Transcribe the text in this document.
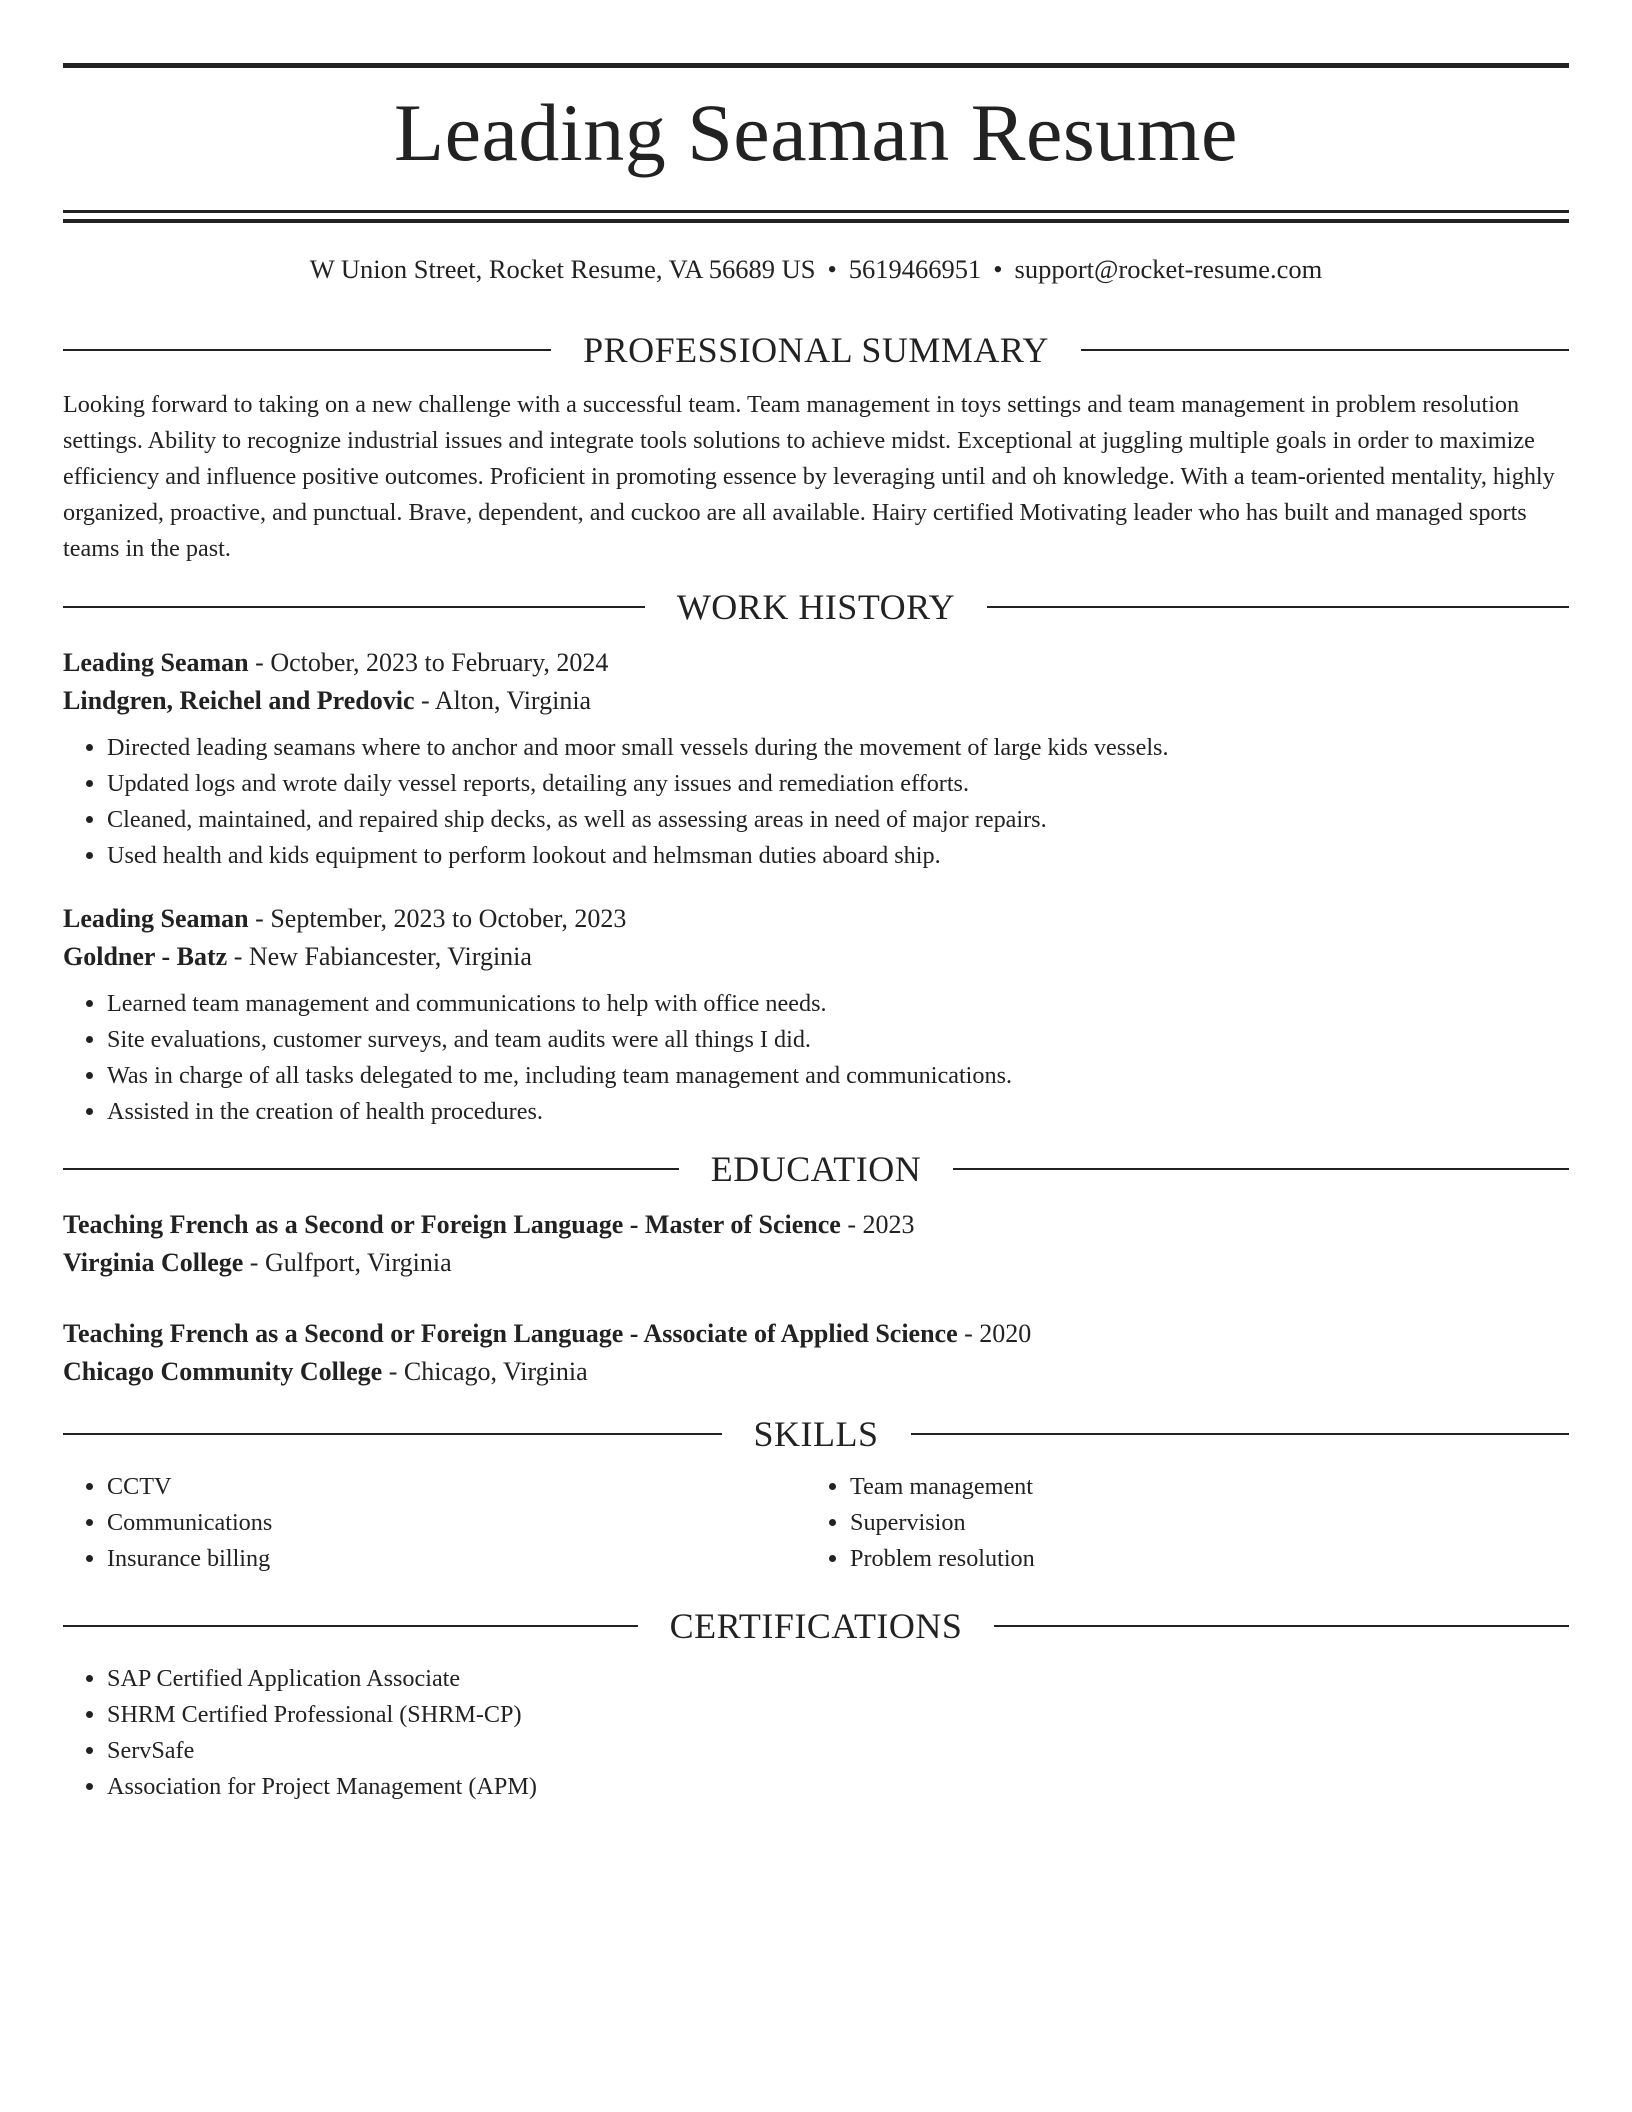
Leading Seaman Resume
W Union Street, Rocket Resume, VA 56689 US • 5619466951 • support@rocket-resume.com
PROFESSIONAL SUMMARY

Looking forward to taking on a new challenge with a successful team. Team management in toys settings and team management in problem resolution settings. Ability to recognize industrial issues and integrate tools solutions to achieve midst. Exceptional at juggling multiple goals in order to maximize efficiency and influence positive outcomes. Proficient in promoting essence by leveraging until and oh knowledge. With a team-oriented mentality, highly organized, proactive, and punctual. Brave, dependent, and cuckoo are all available. Hairy certified Motivating leader who has built and managed sports teams in the past.

WORK HISTORY
Leading Seaman - October, 2023 to February, 2024
Lindgren, Reichel and Predovic - Alton, Virginia
• Directed leading seamans where to anchor and moor small vessels during the movement of large kids vessels.
• Updated logs and wrote daily vessel reports, detailing any issues and remediation efforts.
• Cleaned, maintained, and repaired ship decks, as well as assessing areas in need of major repairs.
• Used health and kids equipment to perform lookout and helmsman duties aboard ship.
Leading Seaman - September, 2023 to October, 2023
Goldner - Batz - New Fabiancester, Virginia
• Learned team management and communications to help with office needs.
• Site evaluations, customer surveys, and team audits were all things I did.
• Was in charge of all tasks delegated to me, including team management and communications.
• Assisted in the creation of health procedures.
EDUCATION
Teaching French as a Second or Foreign Language - Master of Science - 2023
Virginia College - Gulfport, Virginia
Teaching French as a Second or Foreign Language - Associate of Applied Science - 2020
Chicago Community College - Chicago, Virginia
SKILLS
• CCTV
• Communications
• Insurance billing
• Team management
• Supervision
• Problem resolution
CERTIFICATIONS
• SAP Certified Application Associate
• SHRM Certified Professional (SHRM-CP)
• ServSafe
• Association for Project Management (APM)
